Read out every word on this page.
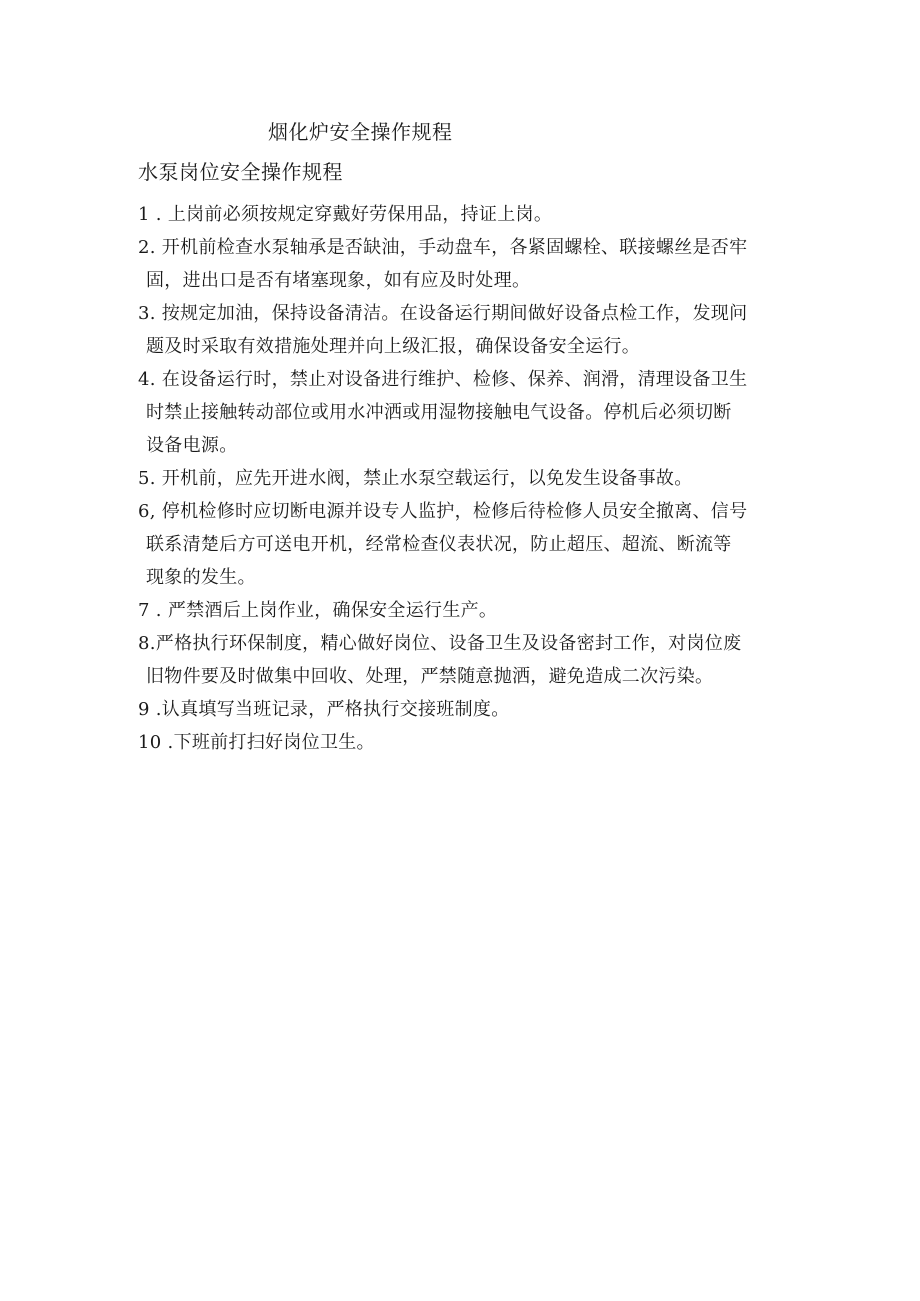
烟化炉安全操作规程
水泵岗位安全操作规程
1 . 上岗前必须按规定穿戴好劳保用品，持证上岗。
2. 开机前检查水泵轴承是否缺油，手动盘车，各紧固螺栓、联接螺丝是否牢
固，进出口是否有堵塞现象，如有应及时处理。
3. 按规定加油，保持设备清洁。在设备运行期间做好设备点检工作，发现问
题及时采取有效措施处理并向上级汇报，确保设备安全运行。
4. 在设备运行时，禁止对设备进行维护、检修、保养、润滑，清理设备卫生
时禁止接触转动部位或用水冲洒或用湿物接触电气设备。停机后必须切断
设备电源。
5. 开机前，应先开进水阀，禁止水泵空载运行，以免发生设备事故。
6, 停机检修时应切断电源并设专人监护，检修后待检修人员安全撤离、信号
联系清楚后方可送电开机，经常检查仪表状况，防止超压、超流、断流等
现象的发生。
7 . 严禁酒后上岗作业，确保安全运行生产。
8.严格执行环保制度，精心做好岗位、设备卫生及设备密封工作，对岗位废
旧物件要及时做集中回收、处理，严禁随意抛洒，避免造成二次污染。
9 .认真填写当班记录，严格执行交接班制度。
10 .下班前打扫好岗位卫生。
